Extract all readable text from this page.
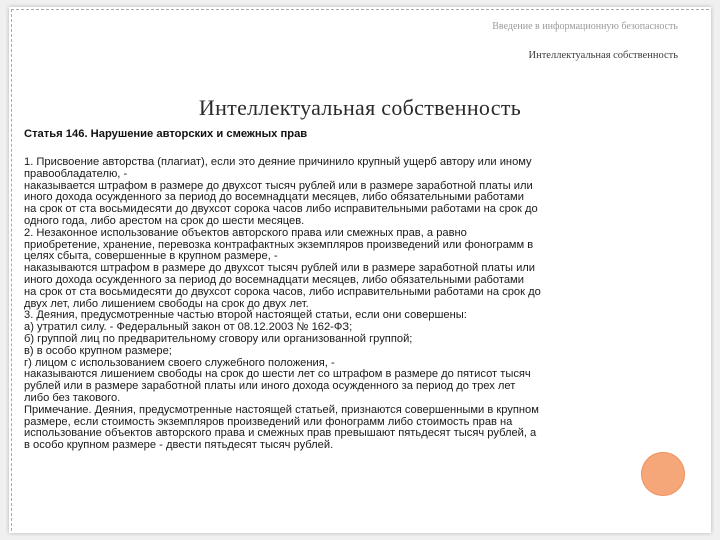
Введение в информационную безопасность
Интеллектуальная собственность
Интеллектуальная собственность
Статья 146. Нарушение авторских и смежных прав
1. Присвоение авторства (плагиат), если это деяние причинило крупный ущерб автору или иному
правообладателю, -
наказывается штрафом в размере до двухсот тысяч рублей или в размере заработной платы или
иного дохода осужденного за период до восемнадцати месяцев, либо обязательными работами
на срок от ста восьмидесяти до двухсот сорока часов либо исправительными работами на срок до
одного года, либо арестом на срок до шести месяцев.
2. Незаконное использование объектов авторского права или смежных прав, а равно
приобретение, хранение, перевозка контрафактных экземпляров произведений или фонограмм в
целях сбыта, совершенные в крупном размере, -
наказываются штрафом в размере до двухсот тысяч рублей или в размере заработной платы или
иного дохода осужденного за период до восемнадцати месяцев, либо обязательными работами
на срок от ста восьмидесяти до двухсот сорока часов, либо исправительными работами на срок до
двух лет, либо лишением свободы на срок до двух лет.
3. Деяния, предусмотренные частью второй настоящей статьи, если они совершены:
а) утратил силу. - Федеральный закон от 08.12.2003 № 162-ФЗ;
б) группой лиц по предварительному сговору или организованной группой;
в) в особо крупном размере;
г) лицом с использованием своего служебного положения, -
наказываются лишением свободы на срок до шести лет со штрафом в размере до пятисот тысяч
рублей или в размере заработной платы или иного дохода осужденного за период до трех лет
либо без такового.
Примечание. Деяния, предусмотренные настоящей статьей, признаются совершенными в крупном
размере, если стоимость экземпляров произведений или фонограмм либо стоимость прав на
использование объектов авторского права и смежных прав превышают пятьдесят тысяч рублей, а
в особо крупном размере - двести пятьдесят тысяч рублей.
